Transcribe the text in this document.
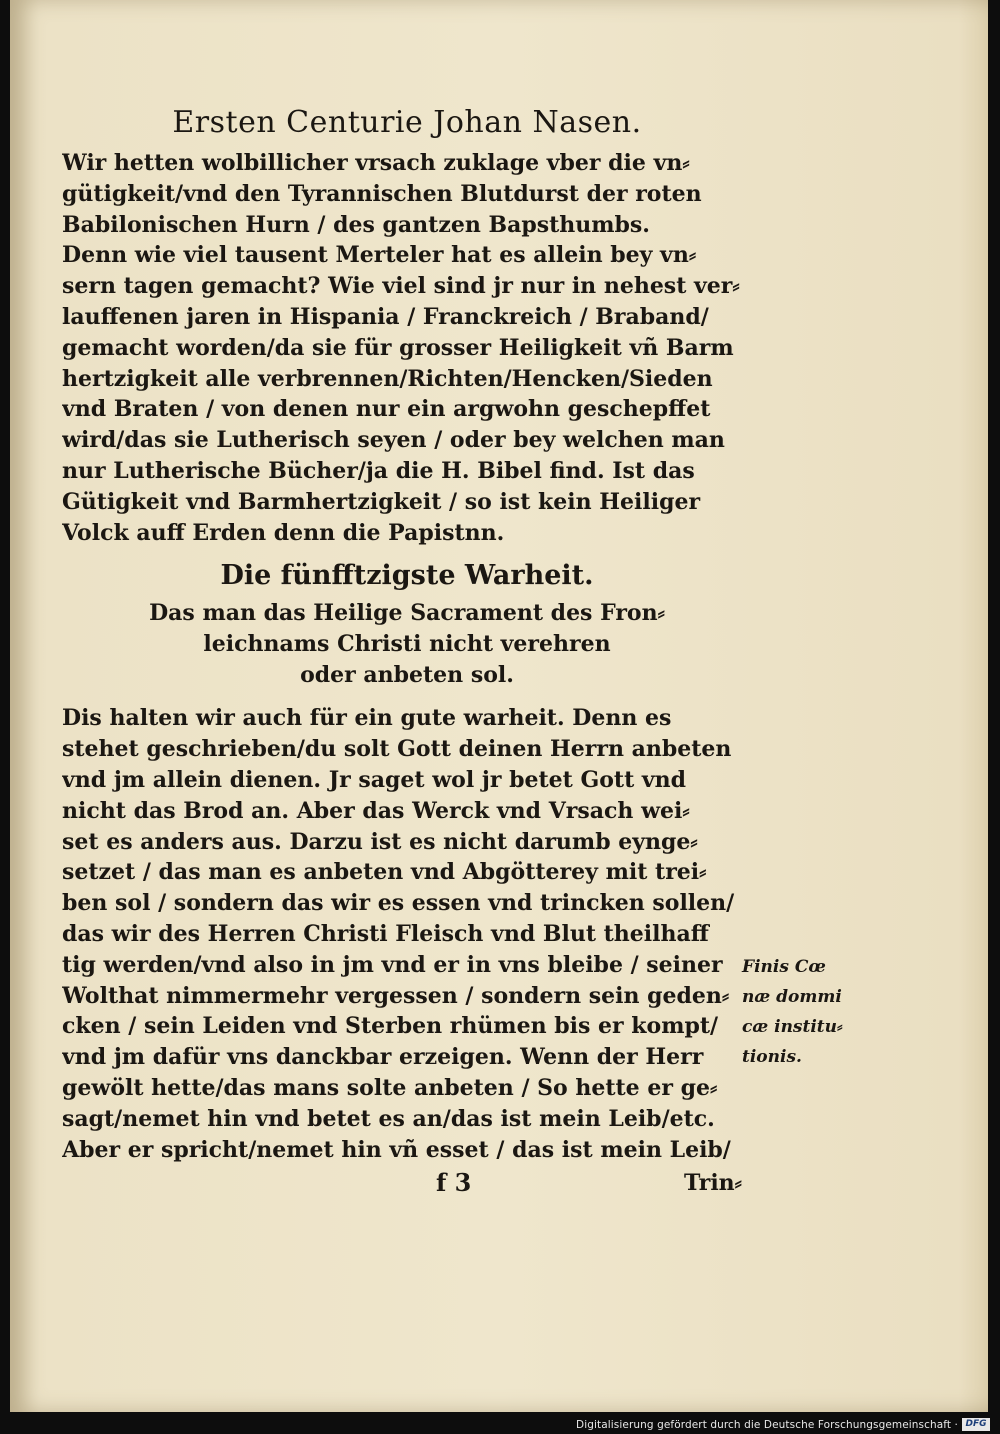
Ersten Centurie Johan Nasen.
Wir hetten wolbillicher vrsach zuklage vber die vn⸗
gütigkeit/vnd den Tyrannischen Blutdurst der roten
Babilonischen Hurn / des gantzen Bapsthumbs.
Denn wie viel tausent Merteler hat es allein bey vn⸗
sern tagen gemacht? Wie viel sind jr nur in nehest ver⸗
lauffenen jaren in Hispania / Franckreich / Braband/
gemacht worden/da sie für grosser Heiligkeit vñ Barm
hertzigkeit alle verbrennen/Richten/Hencken/Sieden
vnd Braten / von denen nur ein argwohn geschepffet
wird/das sie Lutherisch seyen / oder bey welchen man
nur Lutherische Bücher/ja die H. Bibel find. Ist das
Gütigkeit vnd Barmhertzigkeit / so ist kein Heiliger
Volck auff Erden denn die Papistnn.
Die fünfftzigste Warheit.
Das man das Heilige Sacrament des Fron⸗
leichnams Christi nicht verehren
oder anbeten sol.
Dis halten wir auch für ein gute warheit. Denn es
stehet geschrieben/du solt Gott deinen Herrn anbeten
vnd jm allein dienen. Jr saget wol jr betet Gott vnd
nicht das Brod an. Aber das Werck vnd Vrsach wei⸗
set es anders aus. Darzu ist es nicht darumb eynge⸗
setzet / das man es anbeten vnd Abgötterey mit trei⸗
ben sol / sondern das wir es essen vnd trincken sollen/
das wir des Herren Christi Fleisch vnd Blut theilhaff
tig werden/vnd also in jm vnd er in vns bleibe / seiner
Wolthat nimmermehr vergessen / sondern sein geden⸗
cken / sein Leiden vnd Sterben rhümen bis er kompt/
vnd jm dafür vns danckbar erzeigen. Wenn der Herr
gewölt hette/das mans solte anbeten / So hette er ge⸗
sagt/nemet hin vnd betet es an/das ist mein Leib/etc.
Aber er spricht/nemet hin vñ esset / das ist mein Leib/
f 3	Trin⸗
Finis Cœ
næ dommi
cæ institu⸗
tionis.
Digitalisierung gefördert durch die Deutsche Forschungsgemeinschaft · DFG
